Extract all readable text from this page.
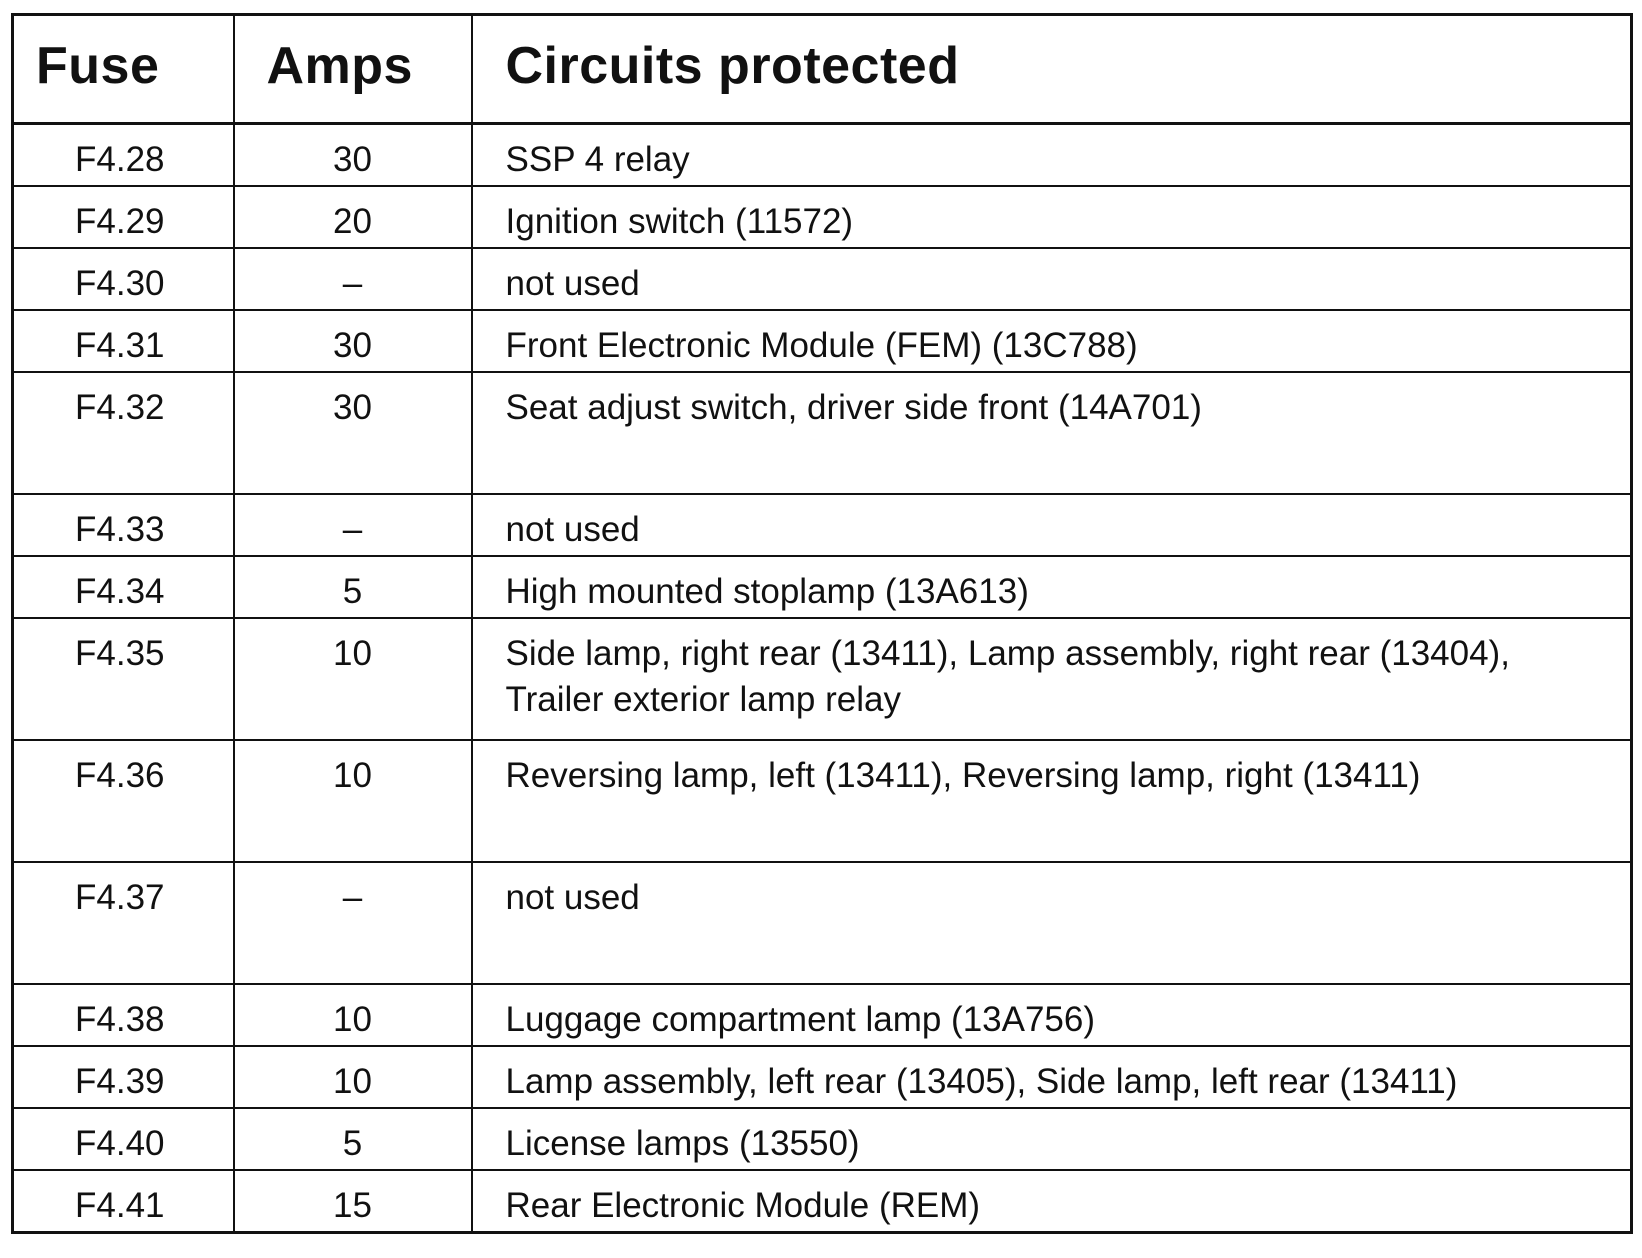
Fuse	Amps	Circuits protected
F4.28	30	SSP 4 relay
F4.29	20	Ignition switch (11572)
F4.30	–	not used
F4.31	30	Front Electronic Module (FEM) (13C788)
F4.32	30	Seat adjust switch, driver side front (14A701)
F4.33	–	not used
F4.34	5	High mounted stoplamp (13A613)
F4.35	10	Side lamp, right rear (13411), Lamp assembly, right rear (13404), Trailer exterior lamp relay
F4.36	10	Reversing lamp, left (13411), Reversing lamp, right (13411)
F4.37	–	not used
F4.38	10	Luggage compartment lamp (13A756)
F4.39	10	Lamp assembly, left rear (13405), Side lamp, left rear (13411)
F4.40	5	License lamps (13550)
F4.41	15	Rear Electronic Module (REM)
